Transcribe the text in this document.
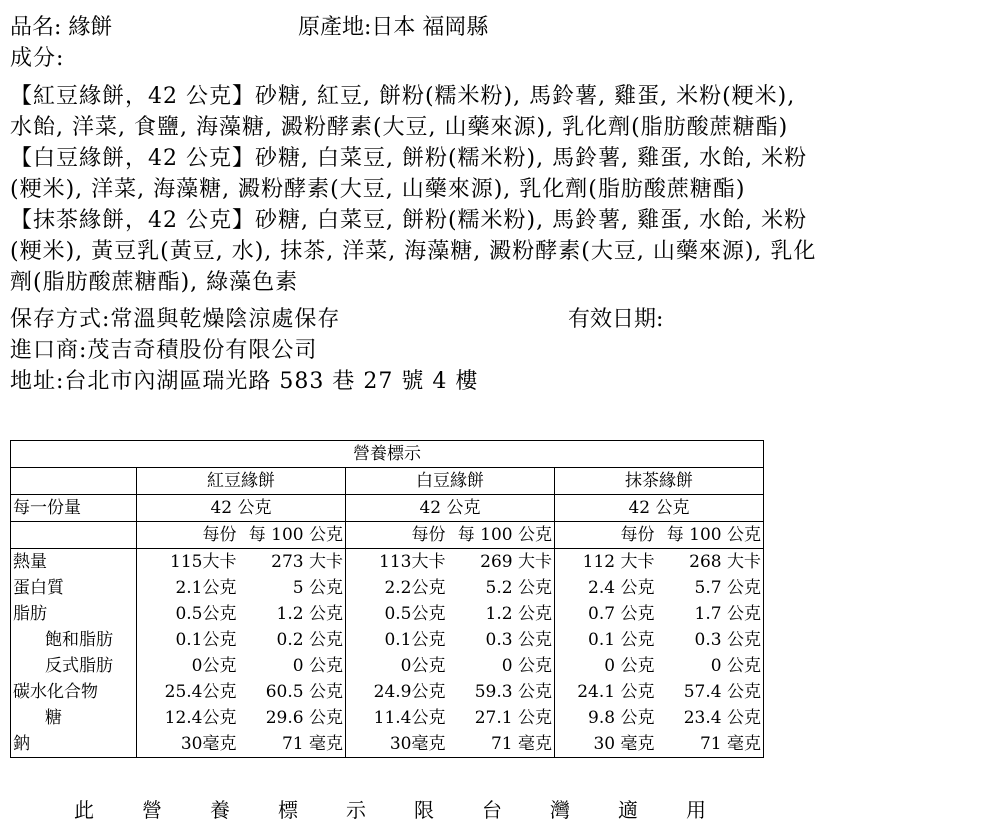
品名: 緣餅	原產地:日本 福岡縣
成分:
【紅豆緣餅，42 公克】砂糖, 紅豆, 餅粉(糯米粉), 馬鈴薯, 雞蛋, 米粉(粳米),
水飴, 洋菜, 食鹽, 海藻糖, 澱粉酵素(大豆, 山藥來源), 乳化劑(脂肪酸蔗糖酯)
【白豆緣餅，42 公克】砂糖, 白菜豆, 餅粉(糯米粉), 馬鈴薯, 雞蛋, 水飴, 米粉
(粳米), 洋菜, 海藻糖, 澱粉酵素(大豆, 山藥來源), 乳化劑(脂肪酸蔗糖酯)
【抹茶緣餅，42 公克】砂糖, 白菜豆, 餅粉(糯米粉), 馬鈴薯, 雞蛋, 水飴, 米粉
(粳米), 黃豆乳(黃豆, 水), 抹茶, 洋菜, 海藻糖, 澱粉酵素(大豆, 山藥來源), 乳化
劑(脂肪酸蔗糖酯), 綠藻色素
保存方式:常溫與乾燥陰涼處保存	有效日期:
進口商:茂吉奇積股份有限公司
地址:台北市內湖區瑞光路 583 巷 27 號 4 樓
營養標示						
	紅豆緣餅		白豆緣餅		抹茶緣餅	
每一份量	42 公克		42 公克		42 公克	
	每份	每 100 公克	每份	每 100 公克	每份	每 100 公克
熱量	115大卡	273 大卡	113大卡	269 大卡	112 大卡	268 大卡
蛋白質	2.1公克	5 公克	2.2公克	5.2 公克	2.4 公克	5.7 公克
脂肪	0.5公克	1.2 公克	0.5公克	1.2 公克	0.7 公克	1.7 公克
飽和脂肪	0.1公克	0.2 公克	0.1公克	0.3 公克	0.1 公克	0.3 公克
反式脂肪	0公克	0 公克	0公克	0 公克	0 公克	0 公克
碳水化合物	25.4公克	60.5 公克	24.9公克	59.3 公克	24.1 公克	57.4 公克
糖	12.4公克	29.6 公克	11.4公克	27.1 公克	9.8 公克	23.4 公克
鈉	30毫克	71 毫克	30毫克	71 毫克	30 毫克	71 毫克
此 營 養 標 示 限 台 灣 適 用
